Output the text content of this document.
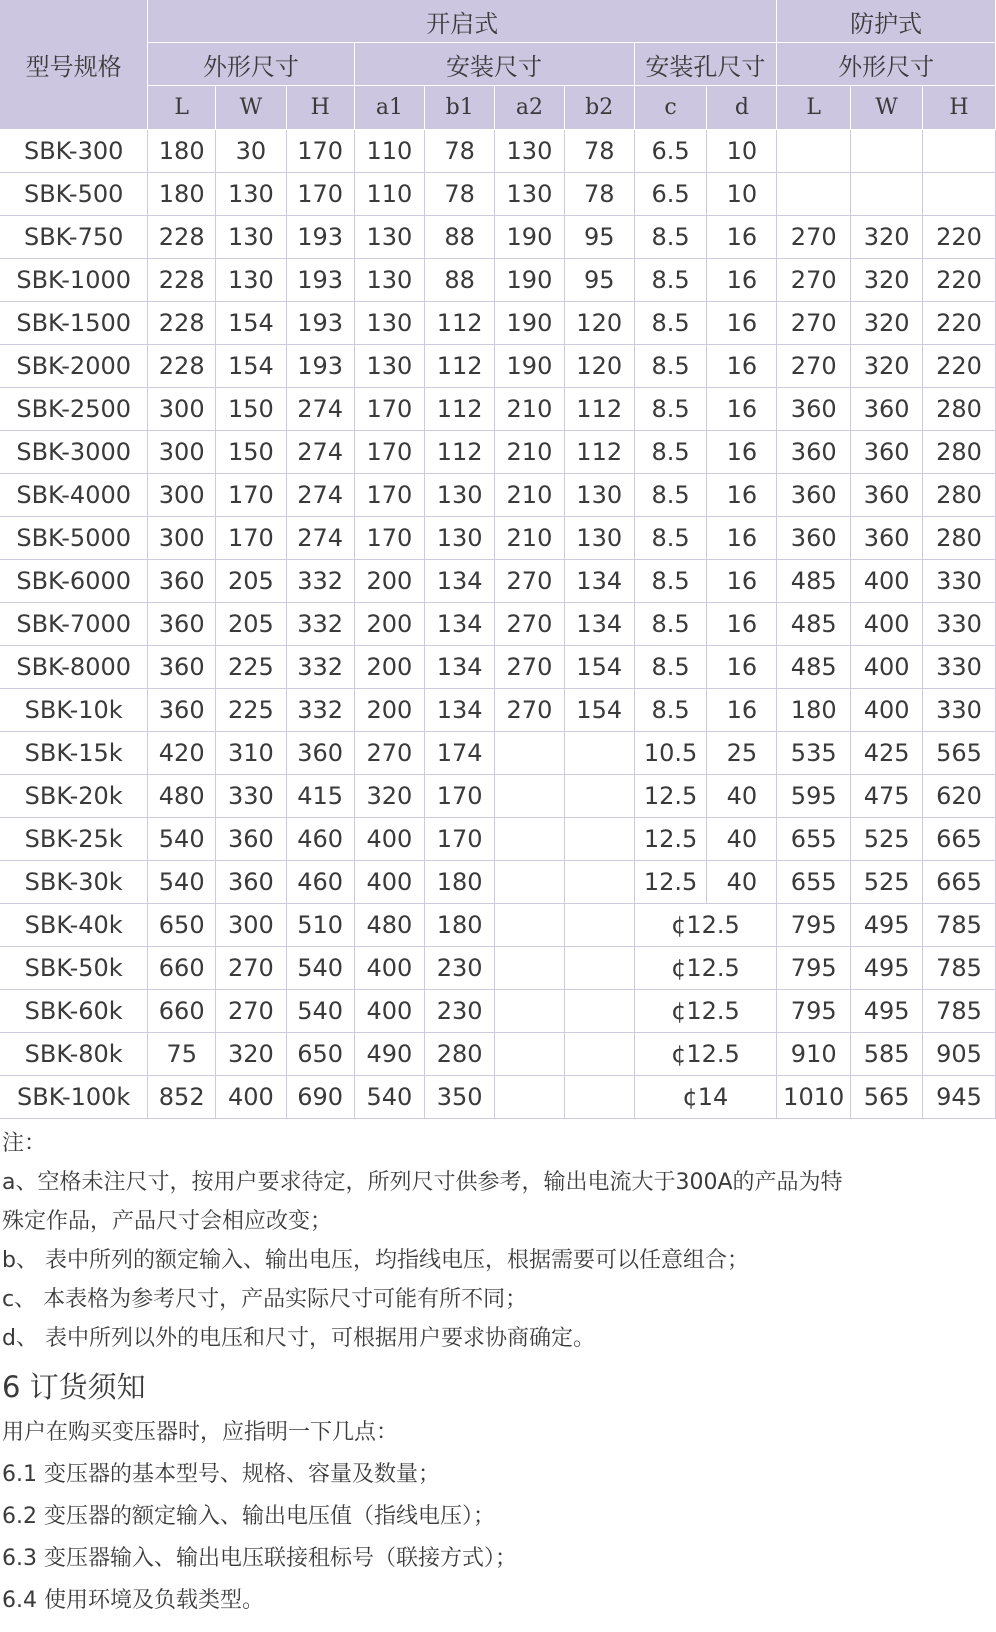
型号规格	开启式									防护式		
	外形尺寸			安装尺寸				安装孔尺寸		外形尺寸		
	L	W	H	a1	b1	a2	b2	c	d	L	W	H
SBK-300	180	30	170	110	78	130	78	6.5	10			
SBK-500	180	130	170	110	78	130	78	6.5	10			
SBK-750	228	130	193	130	88	190	95	8.5	16	270	320	220
SBK-1000	228	130	193	130	88	190	95	8.5	16	270	320	220
SBK-1500	228	154	193	130	112	190	120	8.5	16	270	320	220
SBK-2000	228	154	193	130	112	190	120	8.5	16	270	320	220
SBK-2500	300	150	274	170	112	210	112	8.5	16	360	360	280
SBK-3000	300	150	274	170	112	210	112	8.5	16	360	360	280
SBK-4000	300	170	274	170	130	210	130	8.5	16	360	360	280
SBK-5000	300	170	274	170	130	210	130	8.5	16	360	360	280
SBK-6000	360	205	332	200	134	270	134	8.5	16	485	400	330
SBK-7000	360	205	332	200	134	270	134	8.5	16	485	400	330
SBK-8000	360	225	332	200	134	270	154	8.5	16	485	400	330
SBK-10k	360	225	332	200	134	270	154	8.5	16	180	400	330
SBK-15k	420	310	360	270	174			10.5	25	535	425	565
SBK-20k	480	330	415	320	170			12.5	40	595	475	620
SBK-25k	540	360	460	400	170			12.5	40	655	525	665
SBK-30k	540	360	460	400	180			12.5	40	655	525	665
SBK-40k	650	300	510	480	180			¢12.5		795	495	785
SBK-50k	660	270	540	400	230			¢12.5		795	495	785
SBK-60k	660	270	540	400	230			¢12.5		795	495	785
SBK-80k	75	320	650	490	280			¢12.5		910	585	905
SBK-100k	852	400	690	540	350			¢14		1010	565	945
注：
a、空格未注尺寸，按用户要求待定，所列尺寸供参考，输出电流大于300A的产品为特
殊定作品，产品尺寸会相应改变；
b、 表中所列的额定输入、输出电压，均指线电压，根据需要可以任意组合；
c、 本表格为参考尺寸，产品实际尺寸可能有所不同；
d、 表中所列以外的电压和尺寸，可根据用户要求协商确定。
6 订货须知
用户在购买变压器时，应指明一下几点：
6.1 变压器的基本型号、规格、容量及数量；
6.2 变压器的额定输入、输出电压值（指线电压）；
6.3 变压器输入、输出电压联接租标号（联接方式）；
6.4 使用环境及负载类型。
